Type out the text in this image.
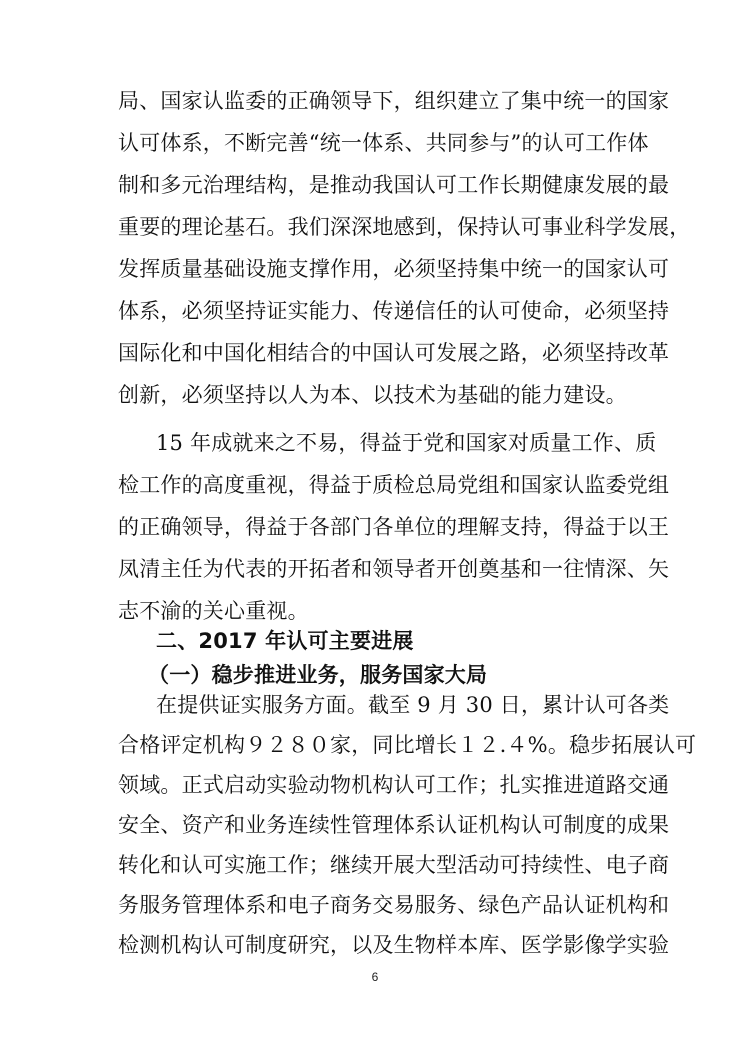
局、国家认监委的正确领导下，组织建立了集中统一的国家
认可体系，不断完善“统一体系、共同参与”的认可工作体
制和多元治理结构，是推动我国认可工作长期健康发展的最
重要的理论基石。我们深深地感到，保持认可事业科学发展，
发挥质量基础设施支撑作用，必须坚持集中统一的国家认可
体系，必须坚持证实能力、传递信任的认可使命，必须坚持
国际化和中国化相结合的中国认可发展之路，必须坚持改革
创新，必须坚持以人为本、以技术为基础的能力建设。
15 年成就来之不易，得益于党和国家对质量工作、质
检工作的高度重视，得益于质检总局党组和国家认监委党组
的正确领导，得益于各部门各单位的理解支持，得益于以王
凤清主任为代表的开拓者和领导者开创奠基和一往情深、矢
志不渝的关心重视。
二、2017 年认可主要进展
（一）稳步推进业务，服务国家大局
在提供证实服务方面。截至 9 月 30 日，累计认可各类
合格评定机构９２８０家，同比增长１２.４%。稳步拓展认可
领域。正式启动实验动物机构认可工作；扎实推进道路交通
安全、资产和业务连续性管理体系认证机构认可制度的成果
转化和认可实施工作；继续开展大型活动可持续性、电子商
6
务服务管理体系和电子商务交易服务、绿色产品认证机构和
检测机构认可制度研究，以及生物样本库、医学影像学实验
